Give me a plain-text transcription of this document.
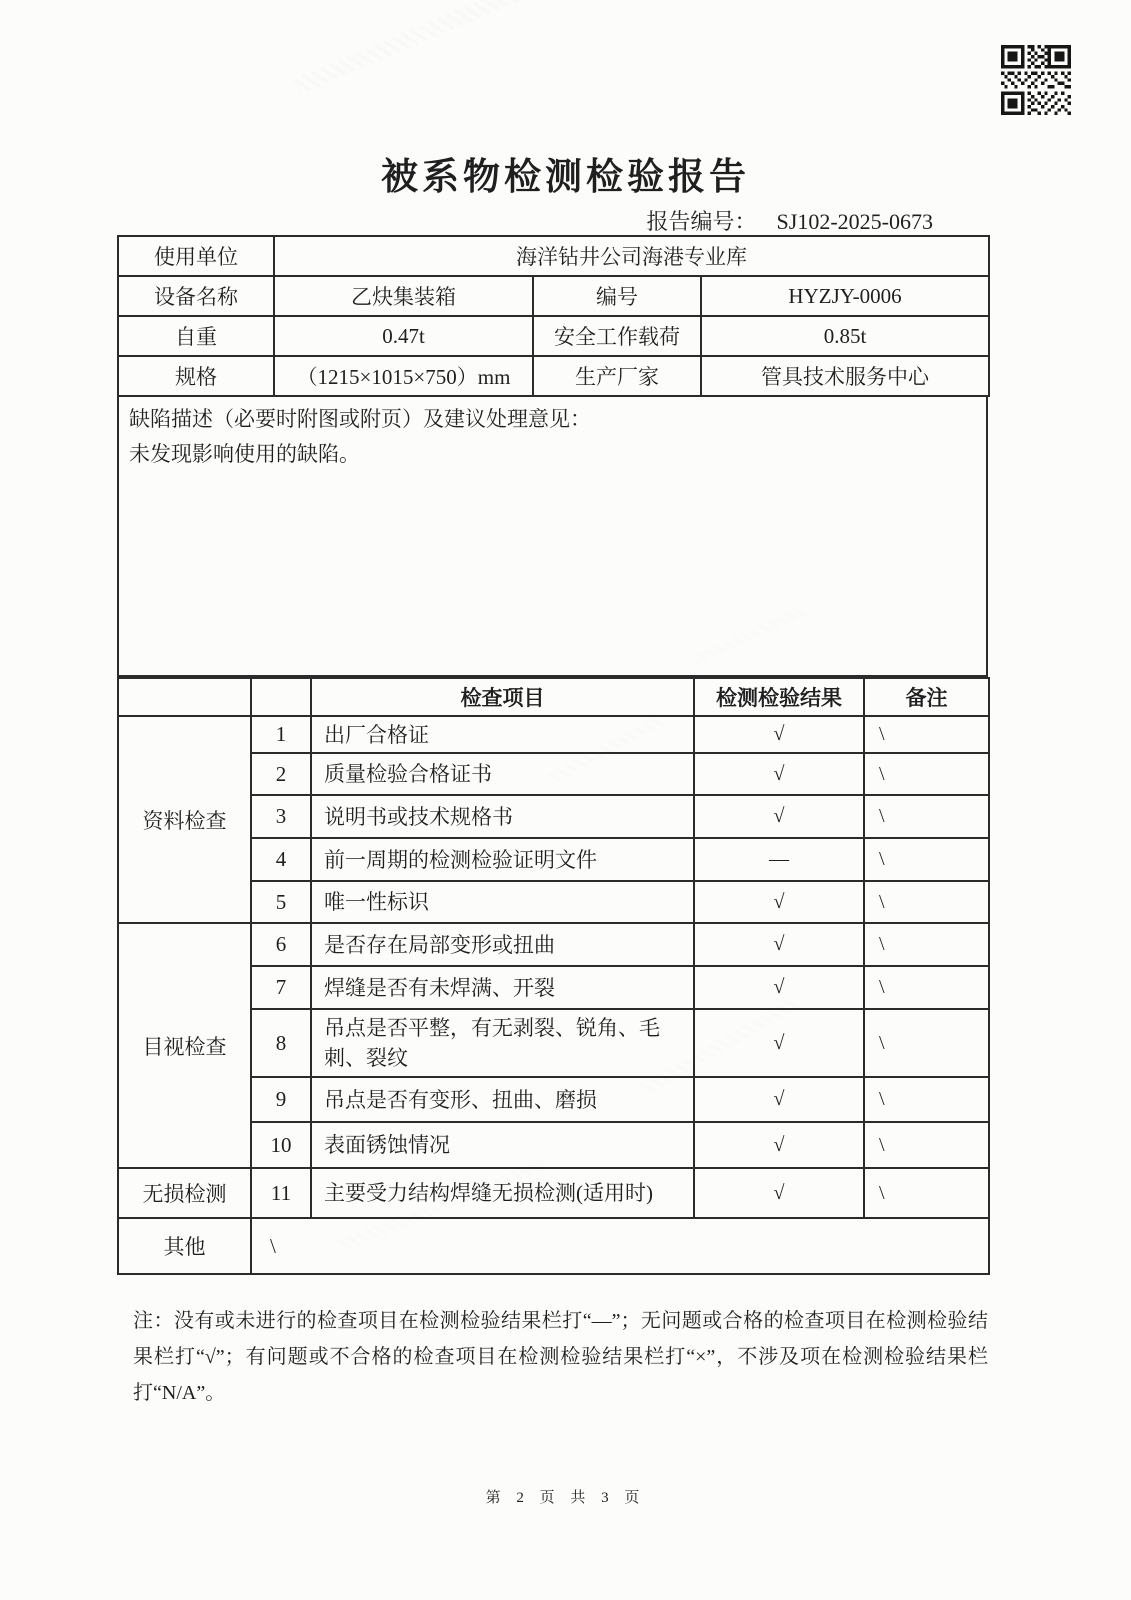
被系物检测检验报告
报告编号： SJ102-2025-0673
使用单位	海洋钻井公司海港专业库		
设备名称	乙炔集装箱	编号	HYZJY-0006
自重	0.47t	安全工作载荷	0.85t
规格	（1215×1015×750）mm	生产厂家	管具技术服务中心
缺陷描述（必要时附图或附页）及建议处理意见：
未发现影响使用的缺陷。
		检查项目	检测检验结果	备注
资料检查	1	出厂合格证	√	\
	2	质量检验合格证书	√	\
	3	说明书或技术规格书	√	\
	4	前一周期的检测检验证明文件	—	\
	5	唯一性标识	√	\
目视检查	6	是否存在局部变形或扭曲	√	\
	7	焊缝是否有未焊满、开裂	√	\
	8	吊点是否平整，有无剥裂、锐角、毛刺、裂纹	√	\
	9	吊点是否有变形、扭曲、磨损	√	\
	10	表面锈蚀情况	√	\
无损检测	11	主要受力结构焊缝无损检测(适用时)	√	\
其他	\			
注：没有或未进行的检查项目在检测检验结果栏打“—”；无问题或合格的检查项目在检测检验结果栏打“√”；有问题或不合格的检查项目在检测检验结果栏打“×”，不涉及项在检测检验结果栏打“N/A”。
第 2 页 共 3 页
